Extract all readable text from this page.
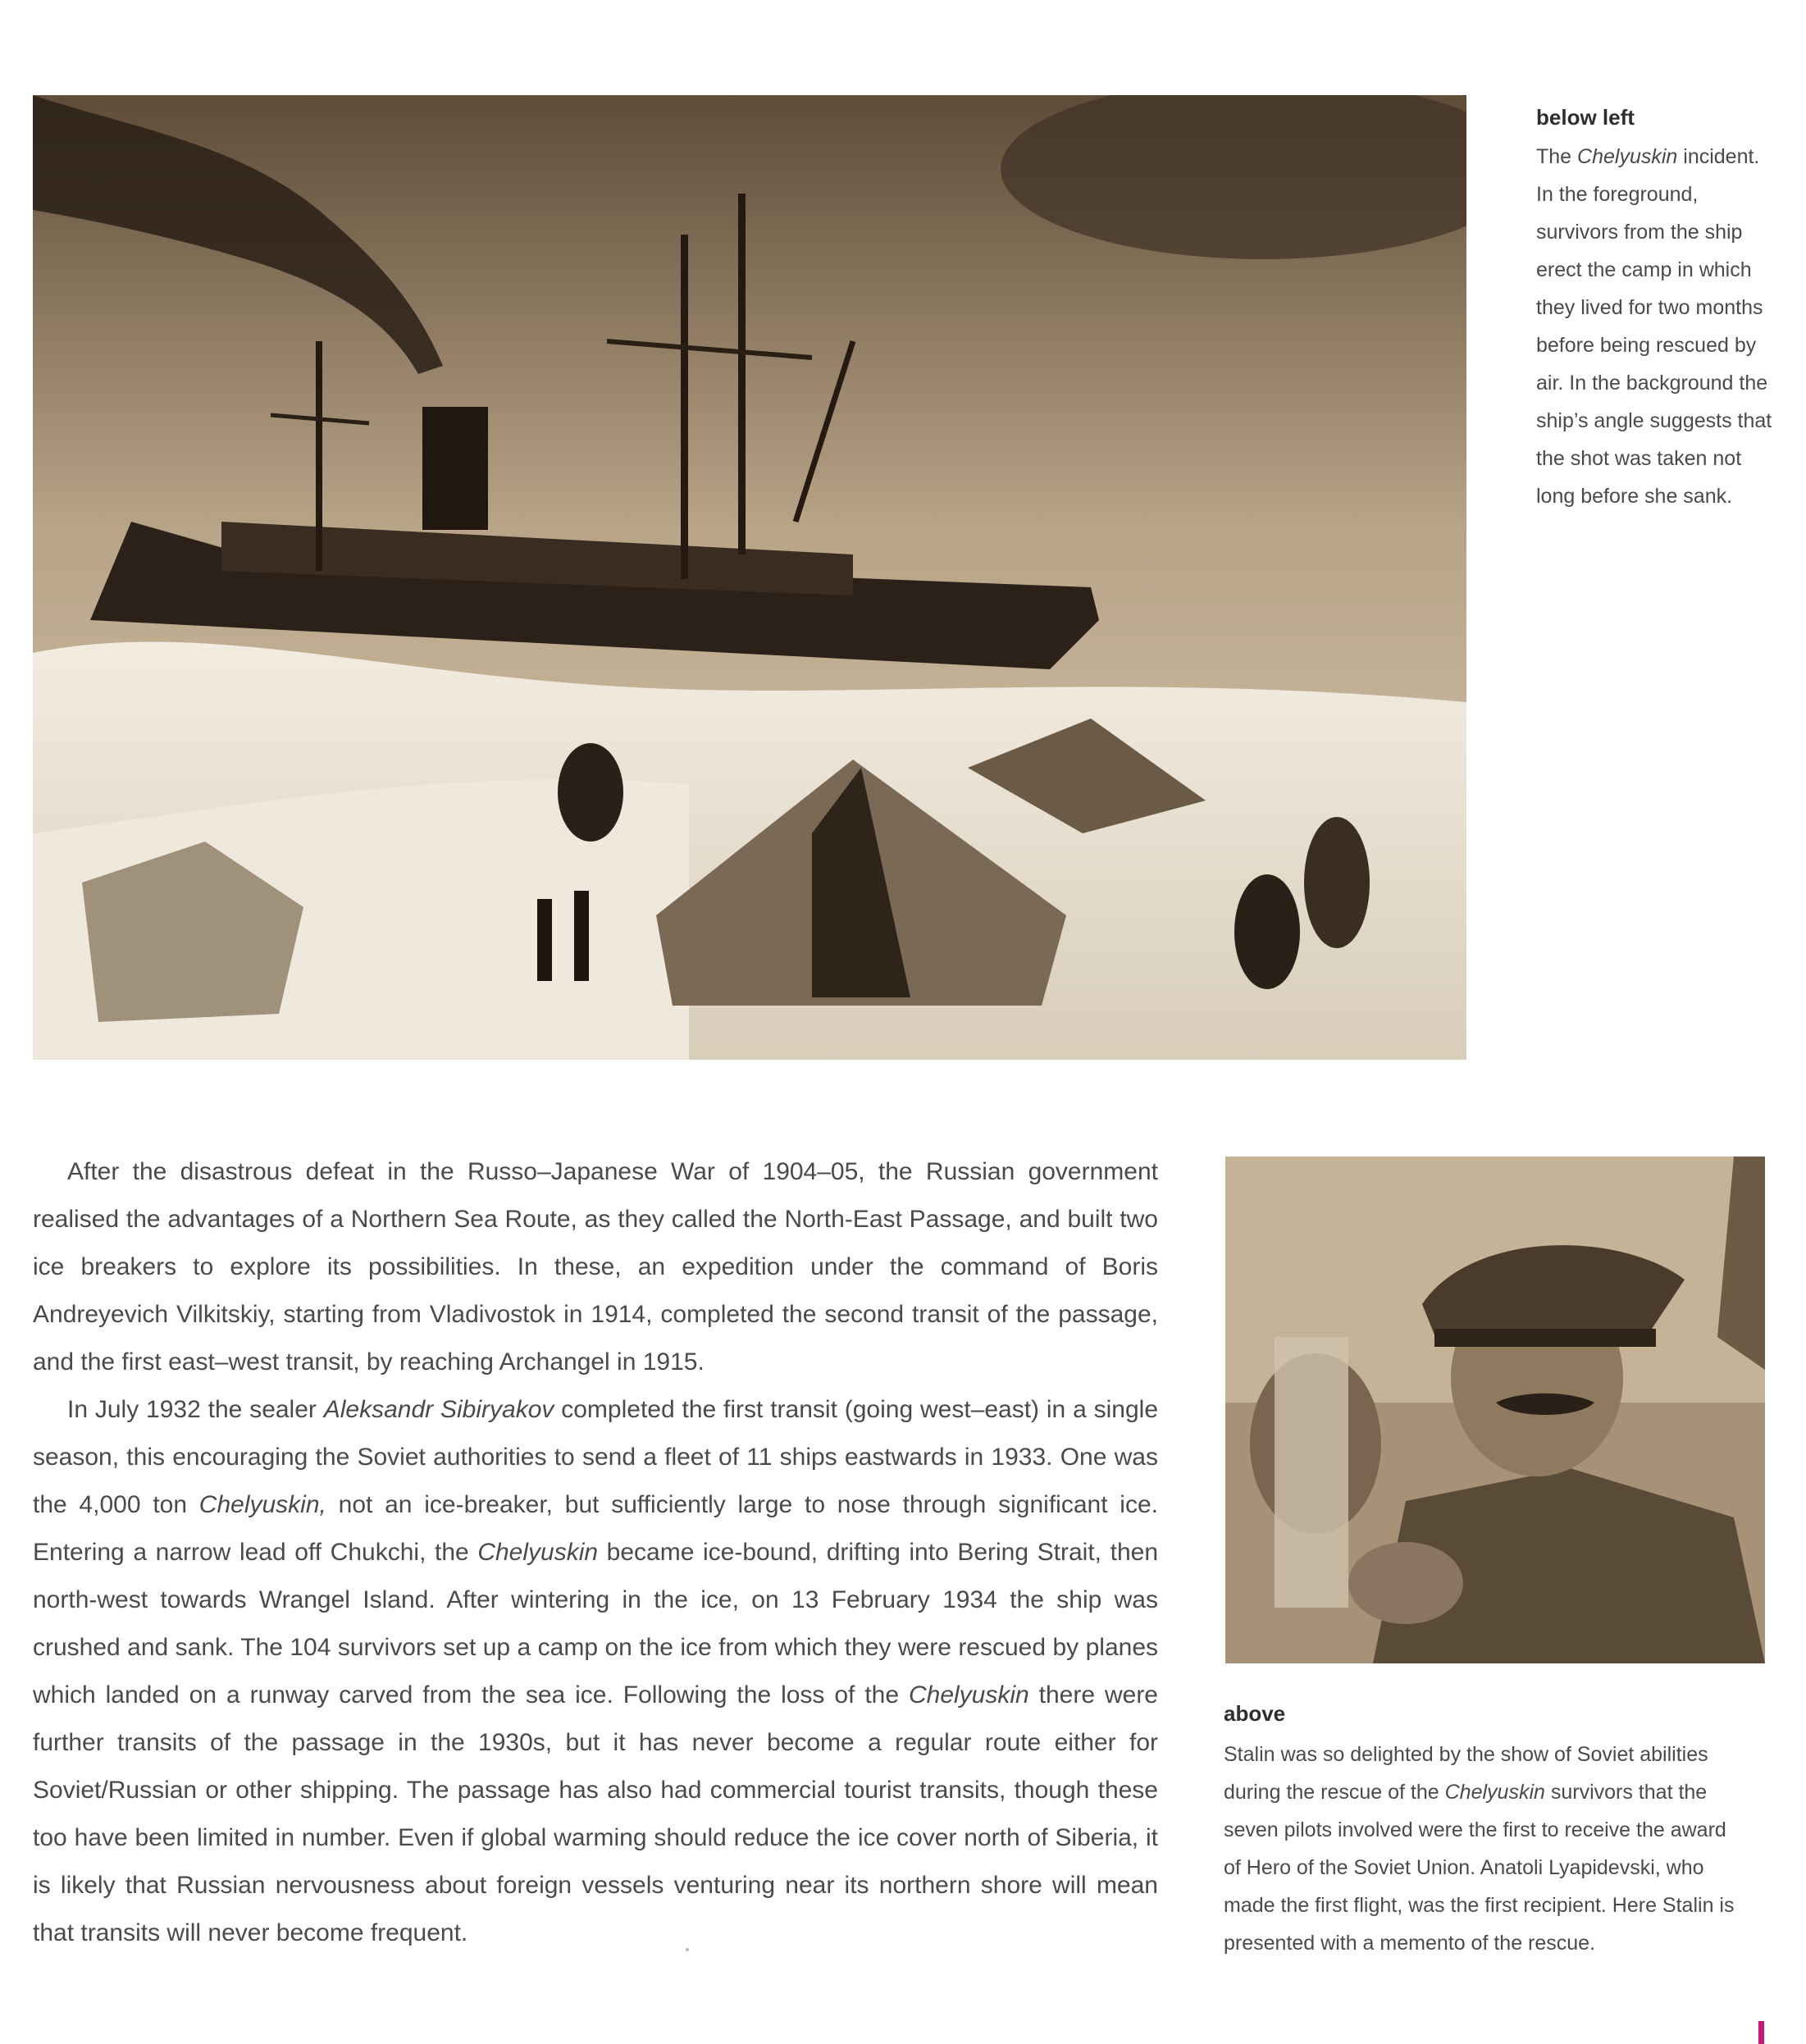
below left

The Chelyuskin incident. In the foreground, survivors from the ship erect the camp in which they lived for two months before being rescued by air. In the background the ship’s angle suggests that the shot was taken not long before she sank.

After the disastrous defeat in the Russo–Japanese War of 1904–05, the Russian government realised the advantages of a Northern Sea Route, as they called the North-East Passage, and built two ice breakers to explore its possibilities. In these, an expedition under the command of Boris Andreyevich Vilkitskiy, starting from Vladivostok in 1914, completed the second transit of the passage, and the first east–west transit, by reaching Archangel in 1915.

In July 1932 the sealer Aleksandr Sibiryakov completed the first transit (going west–east) in a single season, this encouraging the Soviet authorities to send a fleet of 11 ships eastwards in 1933. One was the 4,000 ton Chelyuskin, not an ice-breaker, but sufficiently large to nose through significant ice. Entering a narrow lead off Chukchi, the Chelyuskin became ice-bound, drifting into Bering Strait, then north-west towards Wrangel Island. After wintering in the ice, on 13 February 1934 the ship was crushed and sank. The 104 survivors set up a camp on the ice from which they were rescued by planes which landed on a runway carved from the sea ice. Following the loss of the Chelyuskin there were further transits of the passage in the 1930s, but it has never become a regular route either for Soviet/Russian or other shipping. The passage has also had commercial tourist transits, though these too have been limited in number. Even if global warming should reduce the ice cover north of Siberia, it is likely that Russian nervousness about foreign vessels venturing near its northern shore will mean that transits will never become frequent.

above

Stalin was so delighted by the show of Soviet abilities during the rescue of the Chelyuskin survivors that the seven pilots involved were the first to receive the award of Hero of the Soviet Union. Anatoli Lyapidevski, who made the first flight, was the first recipient. Here Stalin is presented with a memento of the rescue.
